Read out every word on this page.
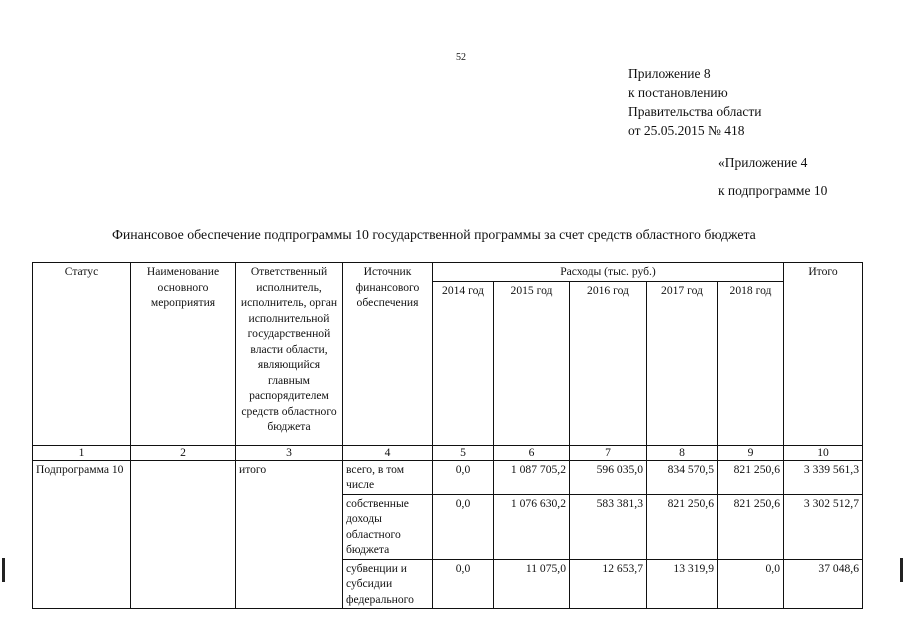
52
Приложение 8
к постановлению
Правительства области
от 25.05.2015 № 418
«Приложение 4
к подпрограмме 10
Финансовое обеспечение подпрограммы 10 государственной программы за счет средств областного бюджета
Статус	Наименование основного мероприятия	Ответственный исполнитель, исполнитель, орган исполнительной государственной власти области, являющийся главным распорядителем средств областного бюджета	Источник финансового обеспечения	Расходы (тыс. руб.)					Итого
				2014 год	2015 год	2016 год	2017 год	2018 год	
1	2	3	4	5	6	7	8	9	10
Подпрограмма 10		итого	всего, в том числе	0,0	1 087 705,2	596 035,0	834 570,5	821 250,6	3 339 561,3
			собственные доходы областного бюджета	0,0	1 076 630,2	583 381,3	821 250,6	821 250,6	3 302 512,7
			субвенции и субсидии федерального	0,0	11 075,0	12 653,7	13 319,9	0,0	37 048,6
